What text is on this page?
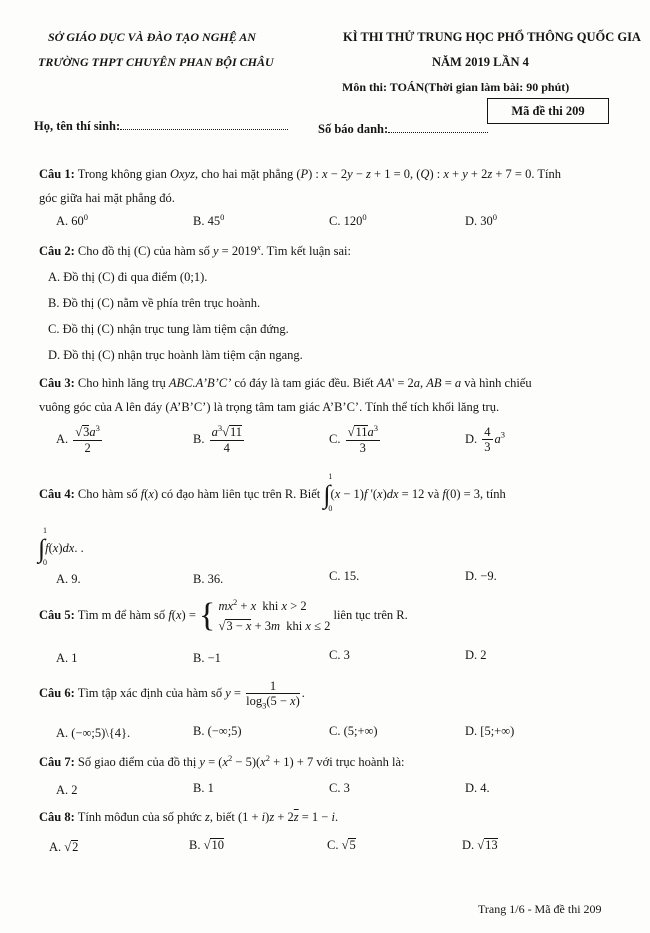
SỞ GIÁO DỤC VÀ ĐÀO TẠO NGHỆ AN
TRƯỜNG THPT CHUYÊN PHAN BỘI CHÂU
KÌ THI THỬ TRUNG HỌC PHỔ THÔNG QUỐC GIA
NĂM 2019 LẦN 4
Môn thi: TOÁN(Thời gian làm bài: 90 phút)
Mã đề thi 209
Họ, tên thí sinh:	Số báo danh:
Câu 1: Trong không gian Oxyz, cho hai mặt phẳng (P) : x − 2y − z + 1 = 0, (Q) : x + y + 2z + 7 = 0. Tính
góc giữa hai mặt phẳng đó.
A. $60^0$	B. $45^0$	C. $120^0$	D. $30^0$
Câu 2: Cho đồ thị (C) của hàm số $y = 2019^x$. Tìm kết luận sai:
A. Đồ thị (C) đi qua điểm (0;1).
B. Đồ thị (C) nằm về phía trên trục hoành.
C. Đồ thị (C) nhận trục tung làm tiệm cận đứng.
D. Đồ thị (C) nhận trục hoành làm tiệm cận ngang.
Câu 3: Cho hình lăng trụ ABC.A’B’C’ có đáy là tam giác đều. Biết AA' = 2a, AB = a và hình chiếu
vuông góc của A lên đáy (A’B’C’) là trọng tâm tam giác A’B’C’. Tính thể tích khối lăng trụ.
A. $\frac{√3a^3}{2}$	B. $\frac{a^3√11}{4}$	C. $\frac{√11a^3}{3}$	D. $\frac{4}{3} a^3$
Câu 4: Cho hàm số f(x) có đạo hàm liên tục trên R. Biết ∫
1
0
(x − 1)f '(x)dx = 12 và f(0) = 3, tính
∫
1
0
f(x)dx. .
A. 9.	B. 36.	C. 15.	D. −9.
Câu 5: Tìm m để hàm số f(x) = { $mx^2 + x$  khi x > 2
√3 − x + 3m  khi x ≤ 2
liên tục trên R.
A. 1	B. −1	C. 3	D. 2
Câu 6: Tìm tập xác định của hàm số $y = \frac{1}{\log_3(5 - x)}$ .
A. (−∞;5)\{4}.	B. (−∞;5)	C. (5;+∞)	D. [5;+∞)
Câu 7: Số giao điểm của đồ thị $y = (x^2 - 5)(x^2 + 1) + 7$ với trục hoành là:
A. 2	B. 1	C. 3	D. 4.
Câu 8: Tính môđun của số phức z, biết $(1 + i)z + 2\overline{z} = 1 - i$.
A. √2	B. √10	C. √5	D. √13
Trang 1/6 - Mã đề thi 209
